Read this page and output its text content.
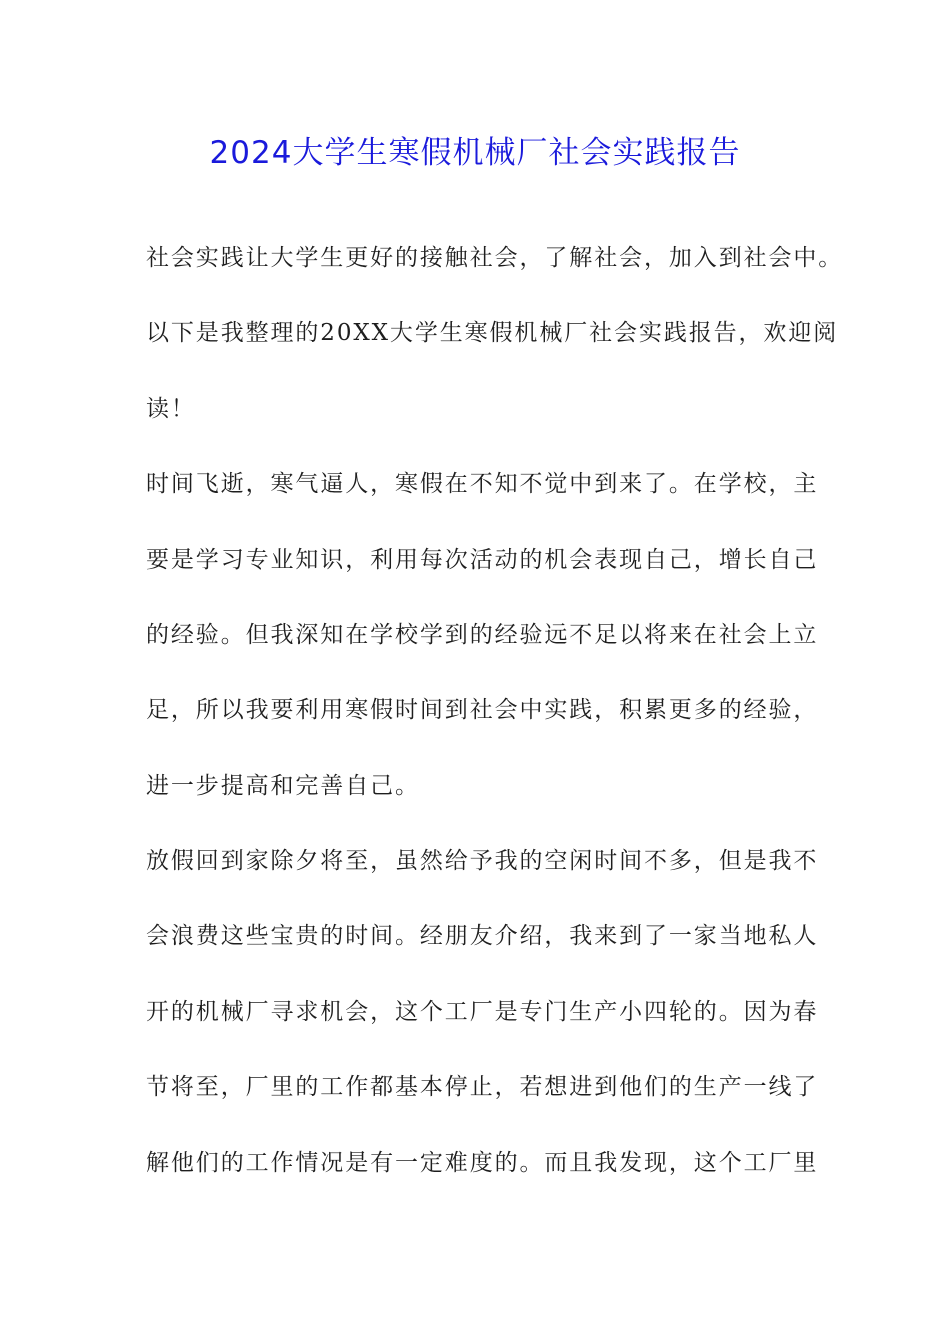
2024大学生寒假机械厂社会实践报告
社会实践让大学生更好的接触社会，了解社会，加入到社会中。
以下是我整理的20XX大学生寒假机械厂社会实践报告，欢迎阅
读！
时间飞逝，寒气逼人，寒假在不知不觉中到来了。在学校，主
要是学习专业知识，利用每次活动的机会表现自己，增长自己
的经验。但我深知在学校学到的经验远不足以将来在社会上立
足，所以我要利用寒假时间到社会中实践，积累更多的经验，
进一步提高和完善自己。
放假回到家除夕将至，虽然给予我的空闲时间不多，但是我不
会浪费这些宝贵的时间。经朋友介绍，我来到了一家当地私人
开的机械厂寻求机会，这个工厂是专门生产小四轮的。因为春
节将至，厂里的工作都基本停止，若想进到他们的生产一线了
解他们的工作情况是有一定难度的。而且我发现，这个工厂里
